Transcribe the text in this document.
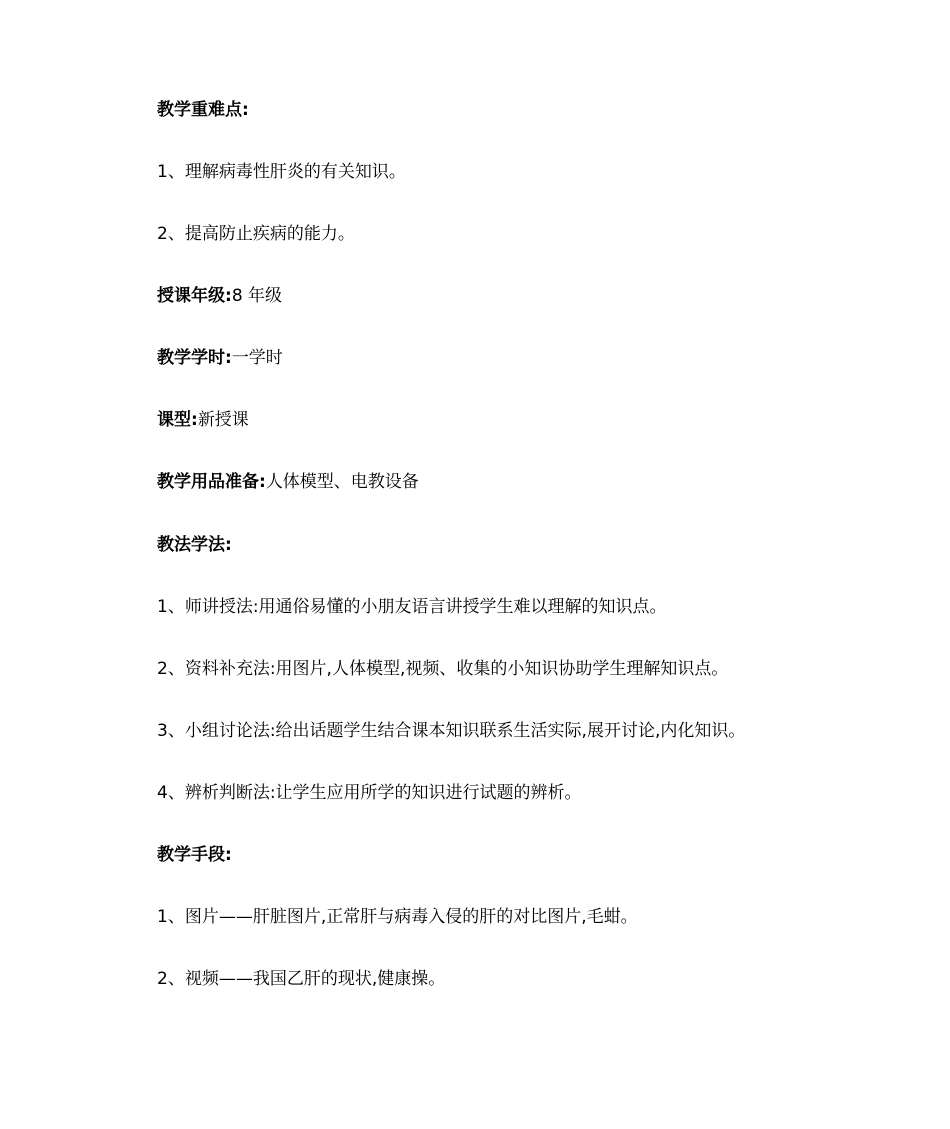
教学重难点:
1、理解病毒性肝炎的有关知识。
2、提高防止疾病的能力。
授课年级:8 年级
教学学时:一学时
课型:新授课
教学用品准备:人体模型、电教设备
教法学法:
1、师讲授法:用通俗易懂的小朋友语言讲授学生难以理解的知识点。
2、资料补充法:用图片,人体模型,视频、收集的小知识协助学生理解知识点。
3、小组讨论法:给出话题学生结合课本知识联系生活实际,展开讨论,内化知识。
4、辨析判断法:让学生应用所学的知识进行试题的辨析。
教学手段:
1、图片——肝脏图片,正常肝与病毒入侵的肝的对比图片,毛蚶。
2、视频——我国乙肝的现状,健康操。
